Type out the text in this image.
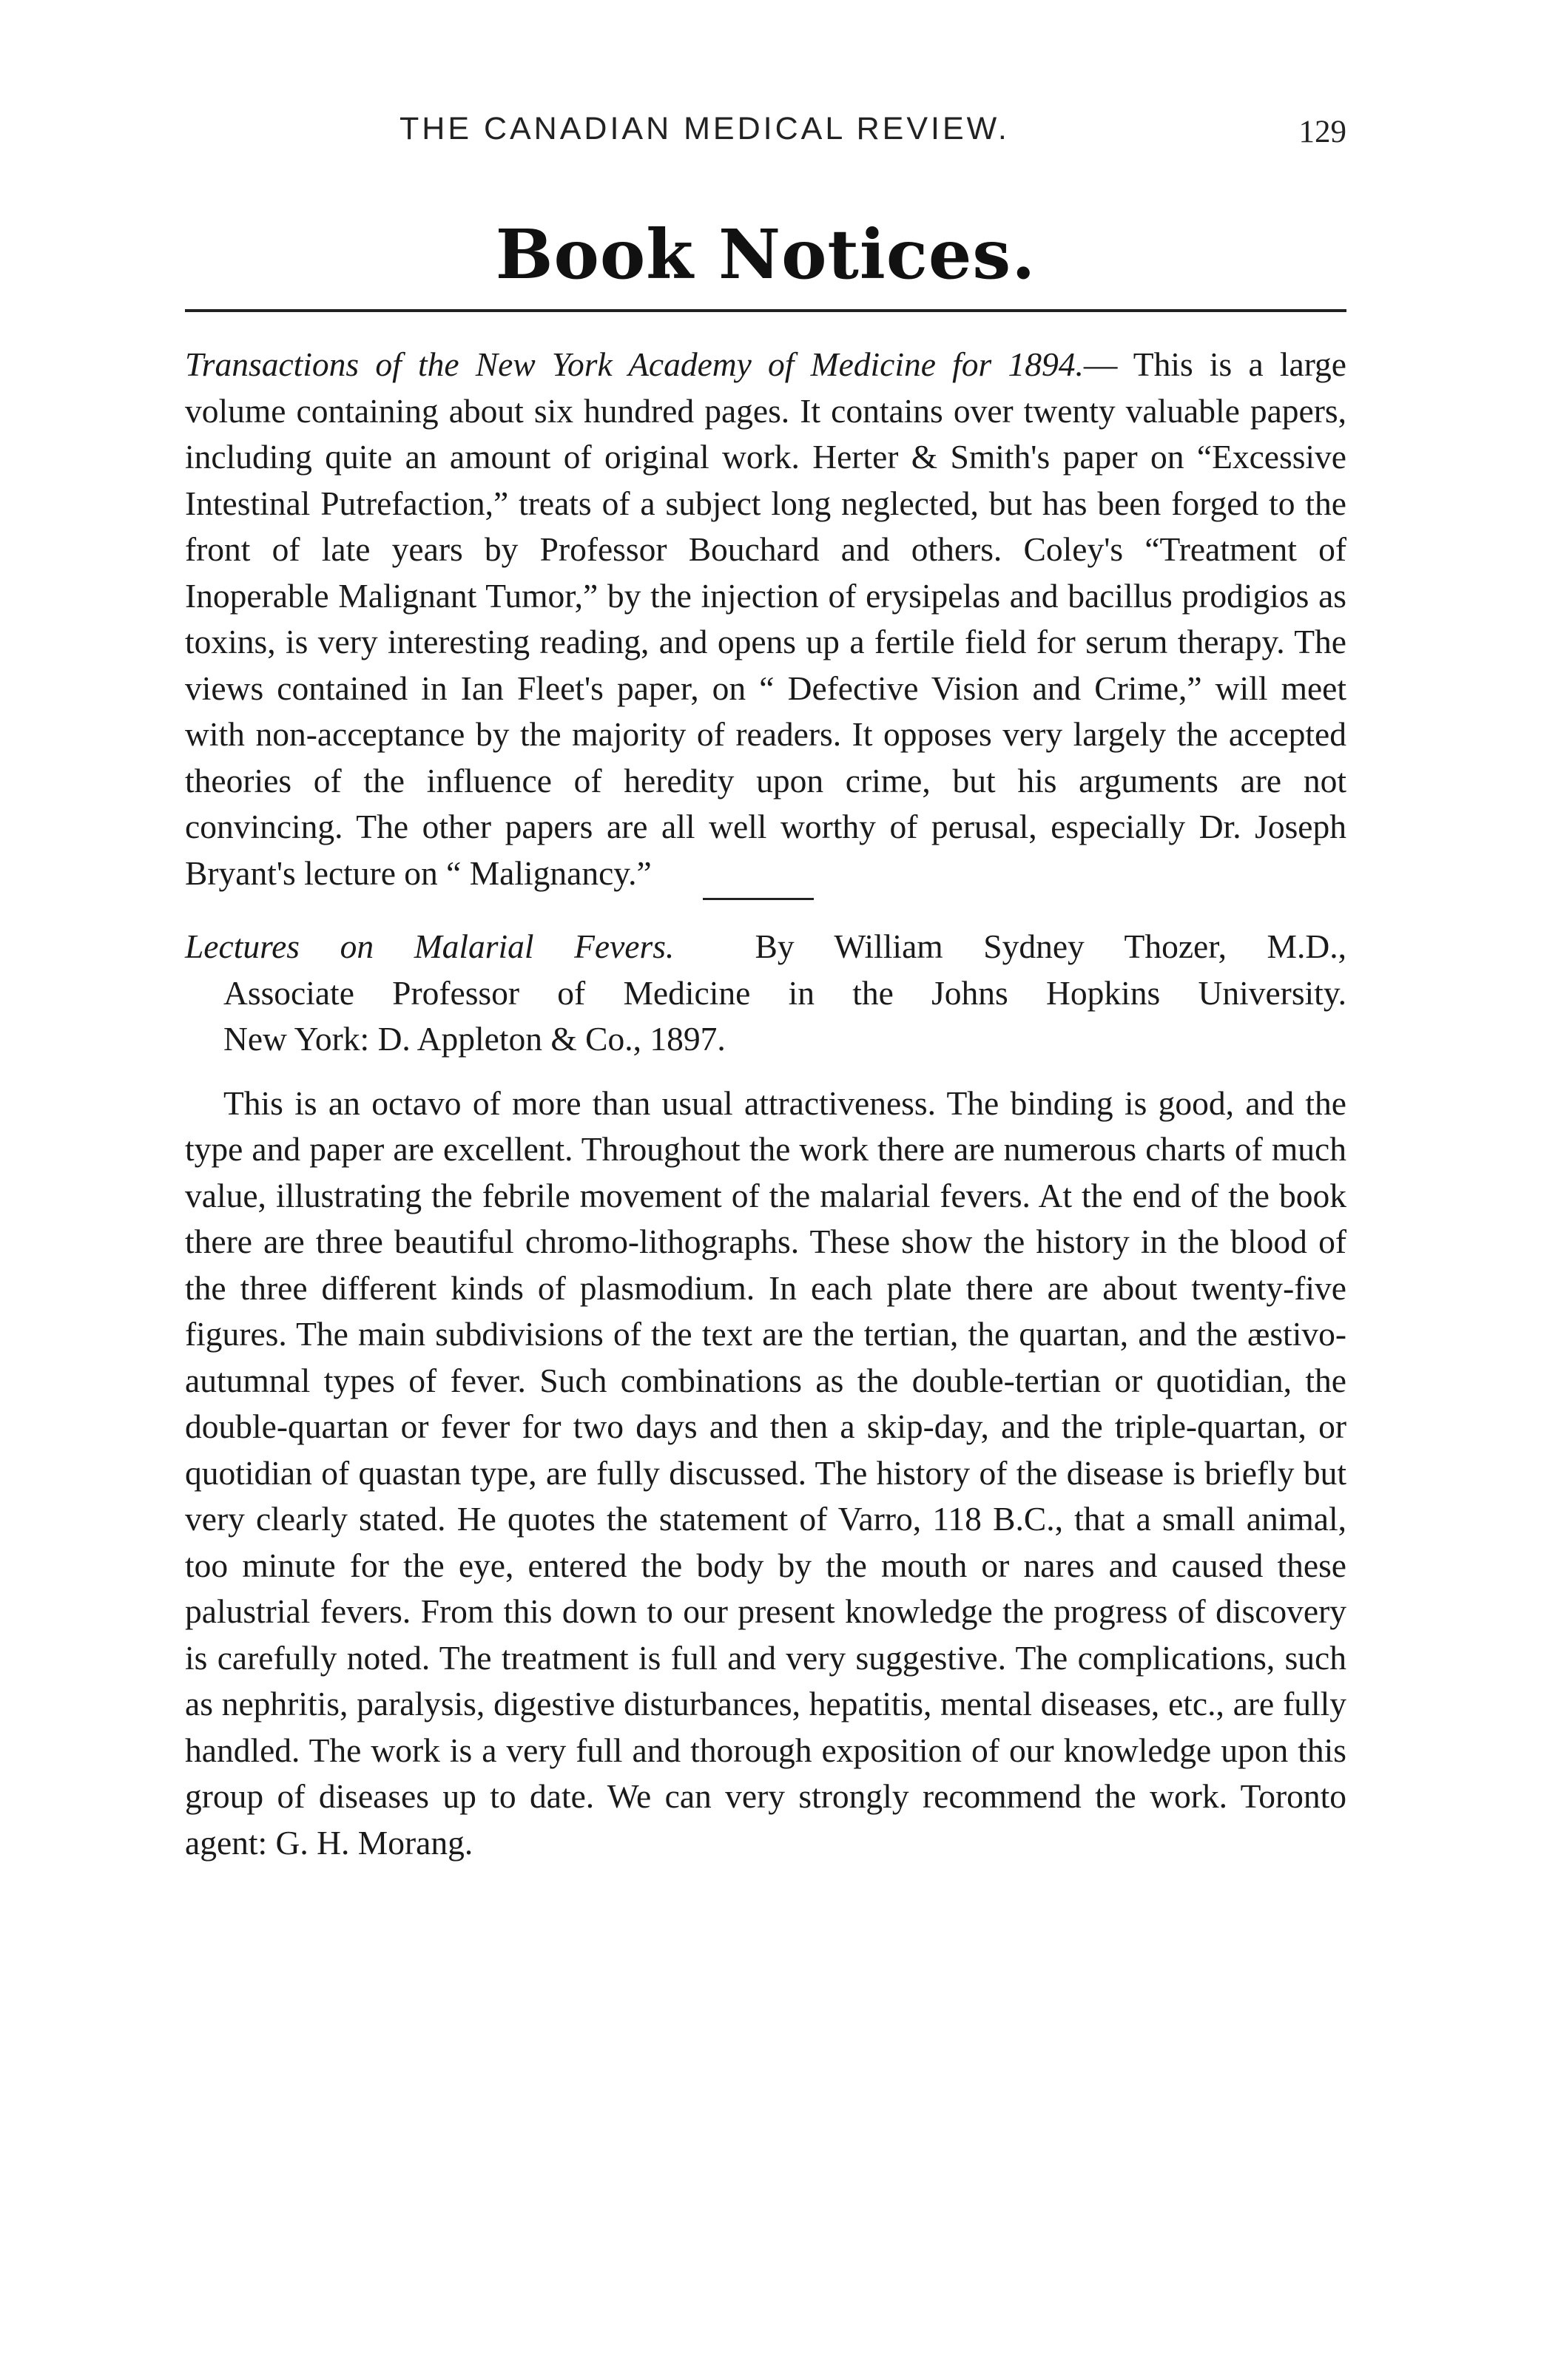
THE CANADIAN MEDICAL REVIEW.	129
Book Notices.

Transactions of the New York Academy of Medicine for 1894.— This is a large volume containing about six hundred pages. It contains over twenty valuable papers, including quite an amount of original work. Herter & Smith's paper on “Excessive Intestinal Putrefaction,” treats of a subject long neglected, but has been forged to the front of late years by Professor Bouchard and others. Coley's “Treatment of Inoperable Malignant Tumor,” by the injection of erysipelas and bacillus prodigios as toxins, is very interesting reading, and opens up a fertile field for serum therapy. The views contained in Ian Fleet's paper, on “ Defective Vision and Crime,” will meet with non-acceptance by the majority of readers. It opposes very largely the accepted theories of the influence of heredity upon crime, but his arguments are not convincing. The other papers are all well worthy of perusal, especially Dr. Joseph Bryant's lecture on “ Malignancy.”

Lectures on Malarial Fevers. By William Sydney Thozer, M.D.,
Associate Professor of Medicine in the Johns Hopkins University.
New York: D. Appleton & Co., 1897.

This is an octavo of more than usual attractiveness. The binding is good, and the type and paper are excellent. Throughout the work there are numerous charts of much value, illustrating the febrile movement of the malarial fevers. At the end of the book there are three beautiful chromo-lithographs. These show the history in the blood of the three different kinds of plasmodium. In each plate there are about twenty-five figures. The main subdivisions of the text are the tertian, the quartan, and the æstivo-autumnal types of fever. Such combinations as the double-tertian or quotidian, the double-quartan or fever for two days and then a skip-day, and the triple-quartan, or quotidian of quastan type, are fully discussed. The history of the disease is briefly but very clearly stated. He quotes the statement of Varro, 118 B.C., that a small animal, too minute for the eye, entered the body by the mouth or nares and caused these palustrial fevers. From this down to our present knowledge the progress of discovery is carefully noted. The treatment is full and very suggestive. The complications, such as nephritis, paralysis, digestive disturbances, hepatitis, mental diseases, etc., are fully handled. The work is a very full and thorough exposition of our knowledge upon this group of diseases up to date. We can very strongly recommend the work. Toronto agent: G. H. Morang.
